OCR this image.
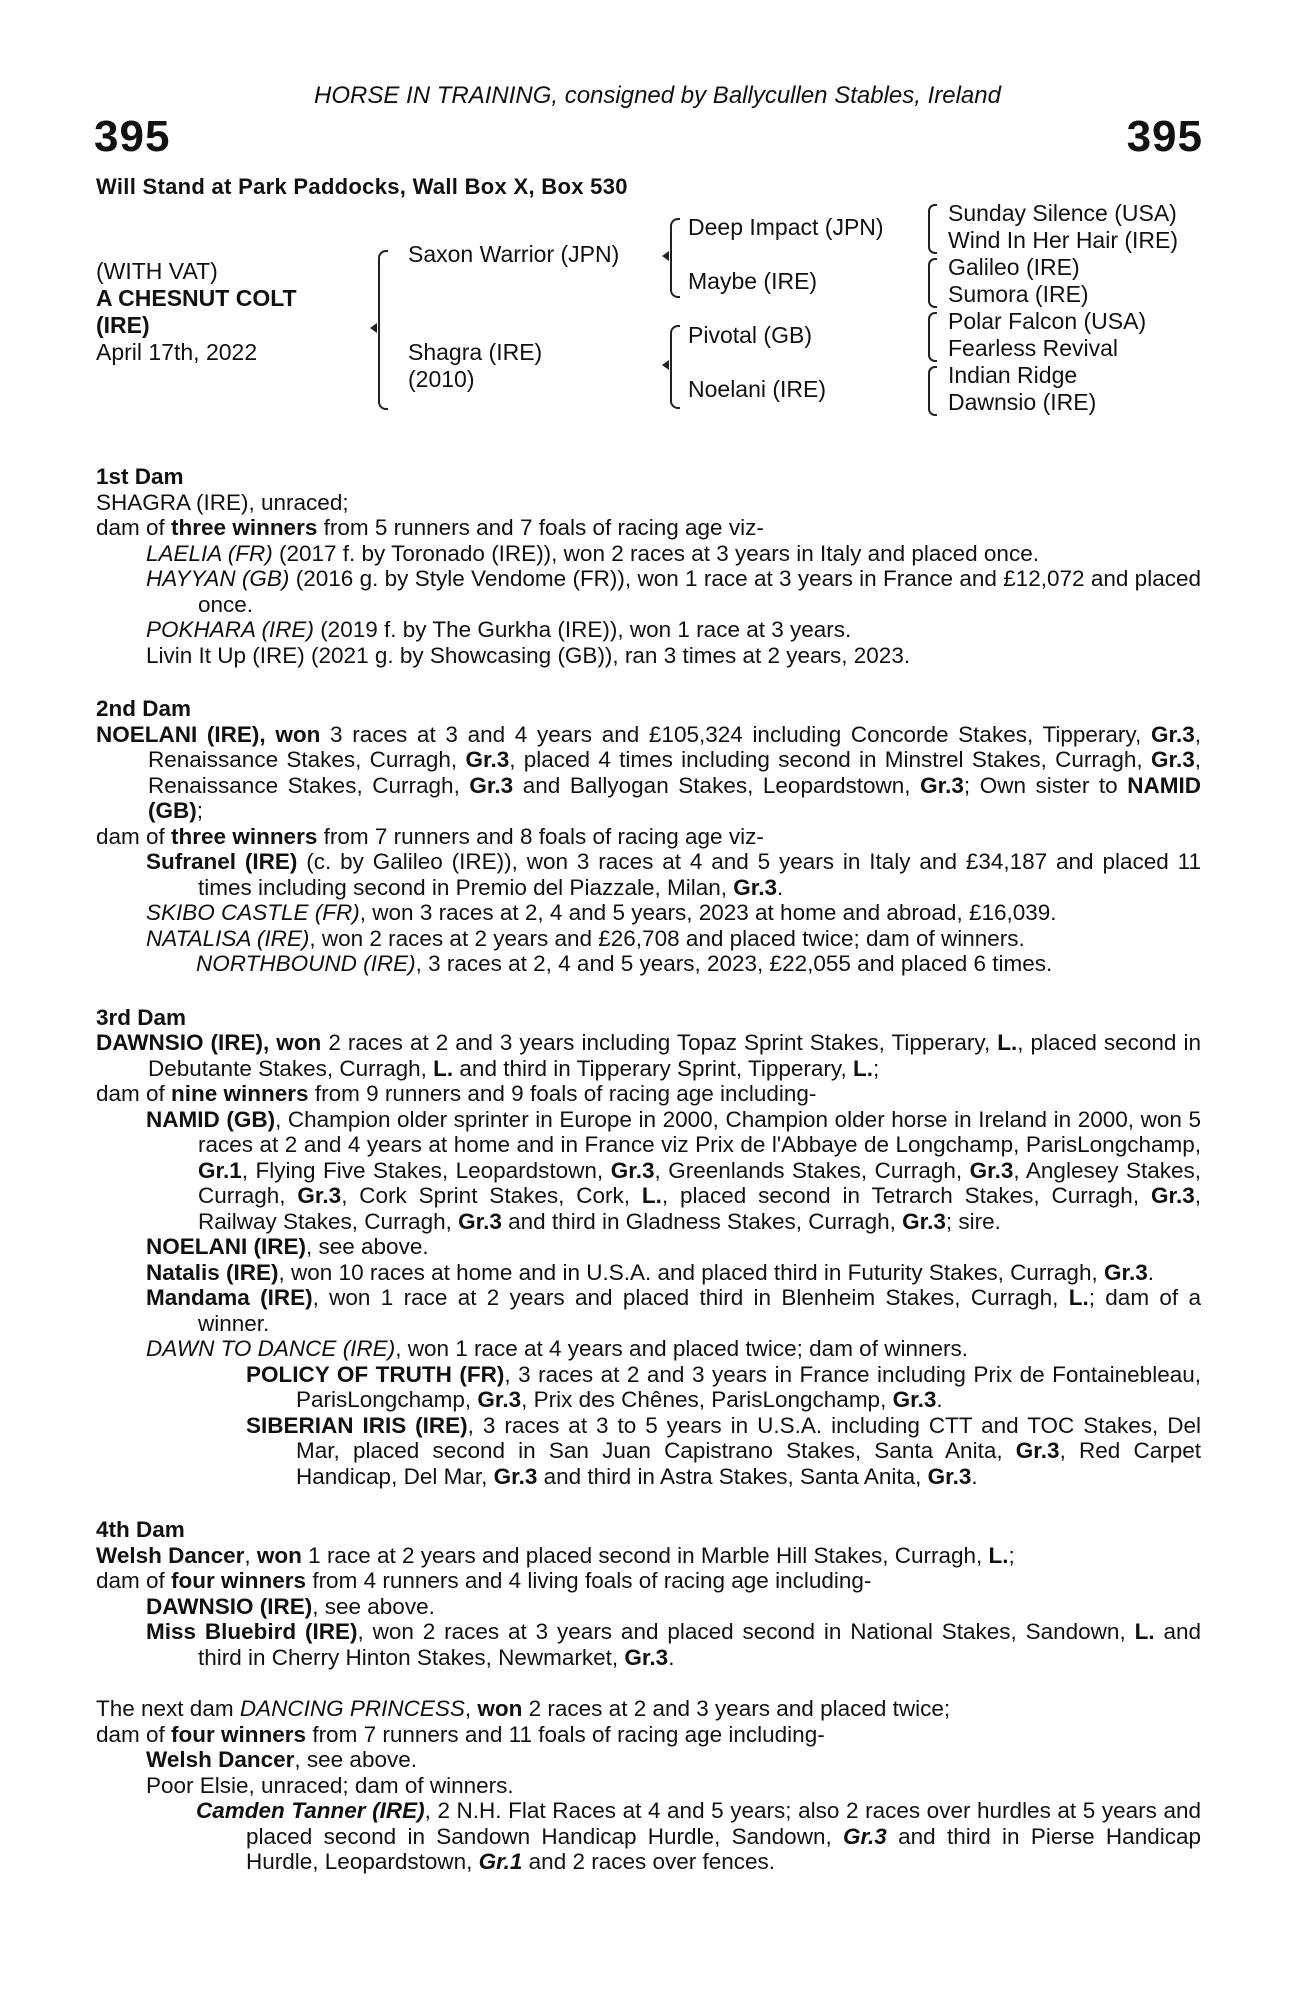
HORSE IN TRAINING, consigned by Ballycullen Stables, Ireland
395	395
Will Stand at Park Paddocks, Wall Box X, Box 530
(WITH VAT)
A CHESNUT COLT
(IRE)
April 17th, 2022
Saxon Warrior (JPN)
Shagra (IRE)
(2010)
Deep Impact (JPN)
Maybe (IRE)
Pivotal (GB)
Noelani (IRE)
Sunday Silence (USA)
Wind In Her Hair (IRE)
Galileo (IRE)
Sumora (IRE)
Polar Falcon (USA)
Fearless Revival
Indian Ridge
Dawnsio (IRE)

1st Dam

SHAGRA (IRE), unraced;

dam of three winners from 5 runners and 7 foals of racing age viz-

LAELIA (FR) (2017 f. by Toronado (IRE)), won 2 races at 3 years in Italy and placed once.

HAYYAN (GB) (2016 g. by Style Vendome (FR)), won 1 race at 3 years in France and £12,072 and placed once.

POKHARA (IRE) (2019 f. by The Gurkha (IRE)), won 1 race at 3 years.

Livin It Up (IRE) (2021 g. by Showcasing (GB)), ran 3 times at 2 years, 2023.

2nd Dam

NOELANI (IRE), won 3 races at 3 and 4 years and £105,324 including Concorde Stakes, Tipperary, Gr.3, Renaissance Stakes, Curragh, Gr.3, placed 4 times including second in Minstrel Stakes, Curragh, Gr.3, Renaissance Stakes, Curragh, Gr.3 and Ballyogan Stakes, Leopardstown, Gr.3; Own sister to NAMID (GB);

dam of three winners from 7 runners and 8 foals of racing age viz-

Sufranel (IRE) (c. by Galileo (IRE)), won 3 races at 4 and 5 years in Italy and £34,187 and placed 11 times including second in Premio del Piazzale, Milan, Gr.3.

SKIBO CASTLE (FR), won 3 races at 2, 4 and 5 years, 2023 at home and abroad, £16,039.

NATALISA (IRE), won 2 races at 2 years and £26,708 and placed twice; dam of winners.

NORTHBOUND (IRE), 3 races at 2, 4 and 5 years, 2023, £22,055 and placed 6 times.

3rd Dam

DAWNSIO (IRE), won 2 races at 2 and 3 years including Topaz Sprint Stakes, Tipperary, L., placed second in Debutante Stakes, Curragh, L. and third in Tipperary Sprint, Tipperary, L.;

dam of nine winners from 9 runners and 9 foals of racing age including-

NAMID (GB), Champion older sprinter in Europe in 2000, Champion older horse in Ireland in 2000, won 5 races at 2 and 4 years at home and in France viz Prix de l'Abbaye de Longchamp, ParisLongchamp, Gr.1, Flying Five Stakes, Leopardstown, Gr.3, Greenlands Stakes, Curragh, Gr.3, Anglesey Stakes, Curragh, Gr.3, Cork Sprint Stakes, Cork, L., placed second in Tetrarch Stakes, Curragh, Gr.3, Railway Stakes, Curragh, Gr.3 and third in Gladness Stakes, Curragh, Gr.3; sire.

NOELANI (IRE), see above.

Natalis (IRE), won 10 races at home and in U.S.A. and placed third in Futurity Stakes, Curragh, Gr.3.

Mandama (IRE), won 1 race at 2 years and placed third in Blenheim Stakes, Curragh, L.; dam of a winner.

DAWN TO DANCE (IRE), won 1 race at 4 years and placed twice; dam of winners.

POLICY OF TRUTH (FR), 3 races at 2 and 3 years in France including Prix de Fontainebleau, ParisLongchamp, Gr.3, Prix des Chênes, ParisLongchamp, Gr.3.

SIBERIAN IRIS (IRE), 3 races at 3 to 5 years in U.S.A. including CTT and TOC Stakes, Del Mar, placed second in San Juan Capistrano Stakes, Santa Anita, Gr.3, Red Carpet Handicap, Del Mar, Gr.3 and third in Astra Stakes, Santa Anita, Gr.3.

4th Dam

Welsh Dancer, won 1 race at 2 years and placed second in Marble Hill Stakes, Curragh, L.;

dam of four winners from 4 runners and 4 living foals of racing age including-

DAWNSIO (IRE), see above.

Miss Bluebird (IRE), won 2 races at 3 years and placed second in National Stakes, Sandown, L. and third in Cherry Hinton Stakes, Newmarket, Gr.3.

The next dam DANCING PRINCESS, won 2 races at 2 and 3 years and placed twice;

dam of four winners from 7 runners and 11 foals of racing age including-

Welsh Dancer, see above.

Poor Elsie, unraced; dam of winners.

Camden Tanner (IRE), 2 N.H. Flat Races at 4 and 5 years; also 2 races over hurdles at 5 years and placed second in Sandown Handicap Hurdle, Sandown, Gr.3 and third in Pierse Handicap Hurdle, Leopardstown, Gr.1 and 2 races over fences.
